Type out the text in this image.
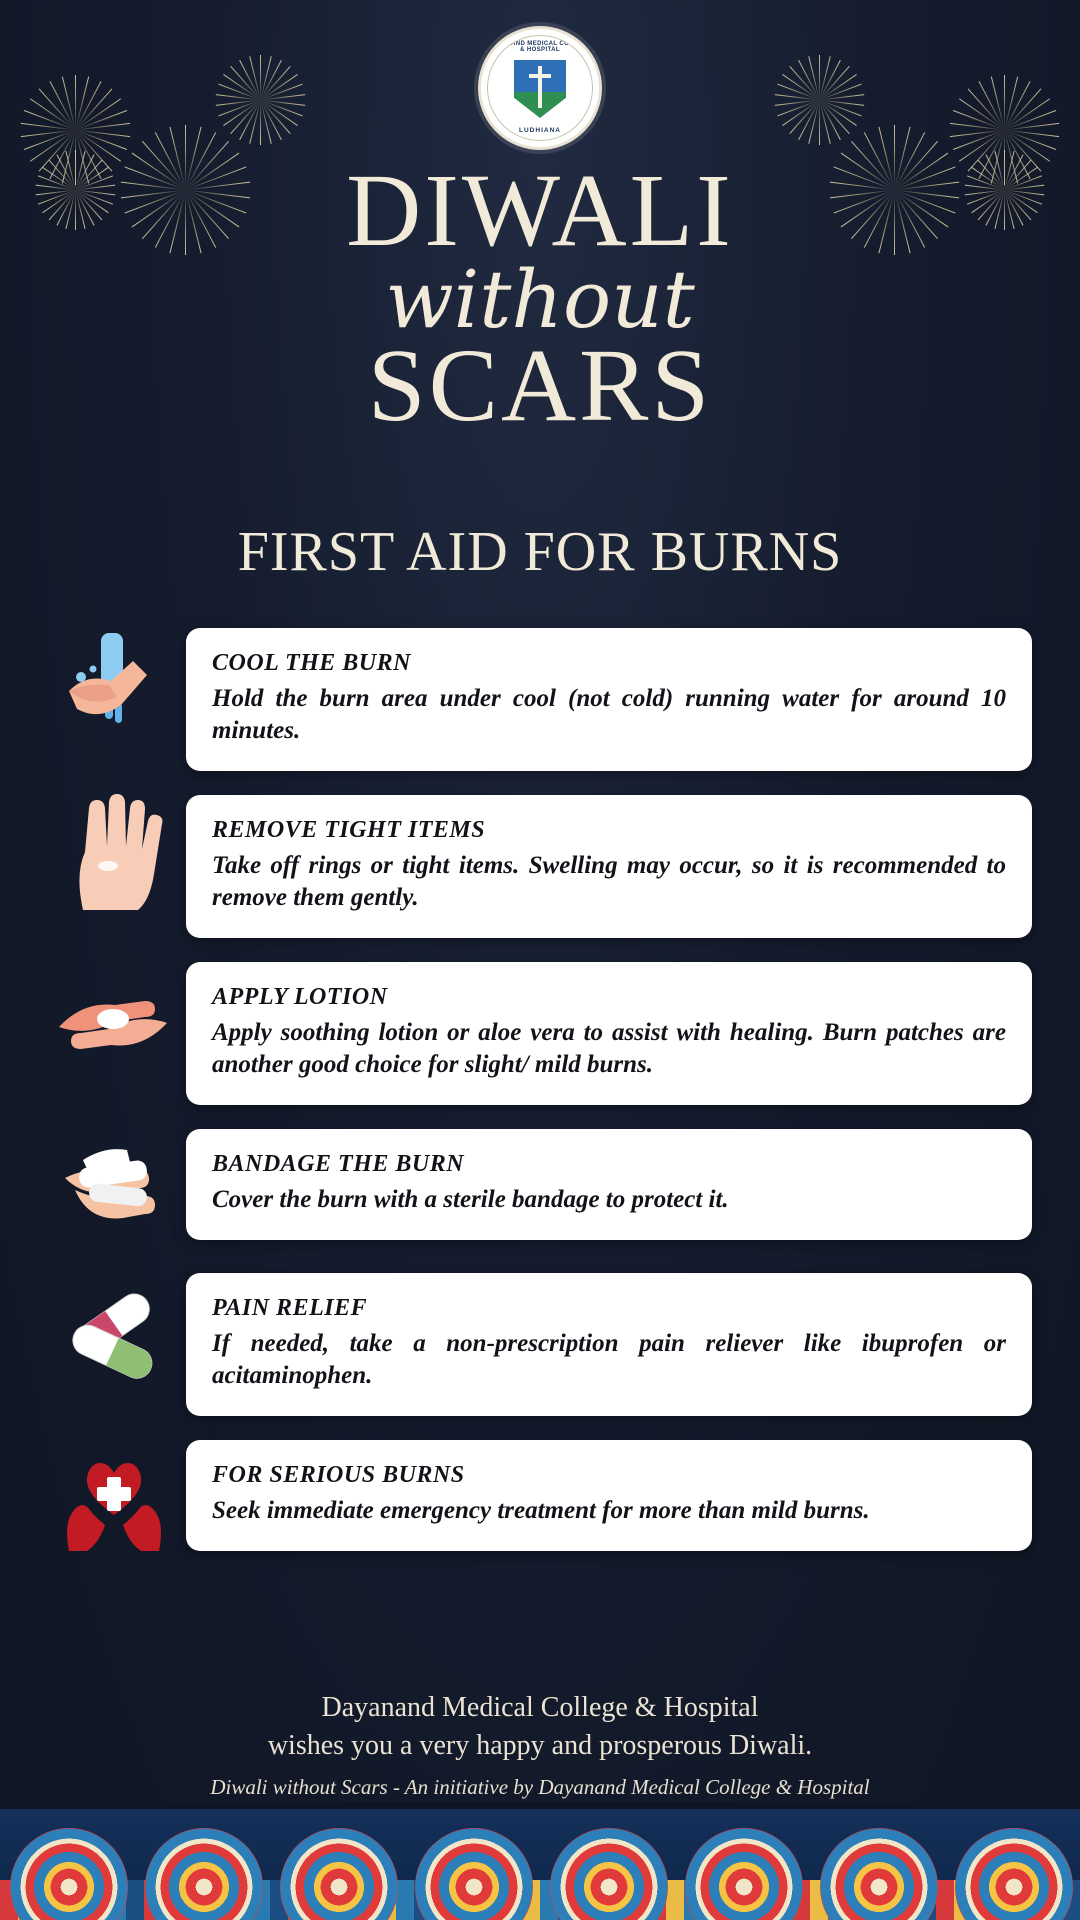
DAYANAND MEDICAL COLLEGE & HOSPITAL
LUDHIANA
DIWALI
without
SCARS
FIRST AID FOR BURNS
COOL THE BURN
Hold the burn area under cool (not cold) running water for around 10 minutes.
REMOVE TIGHT ITEMS
Take off rings or tight items. Swelling may occur, so it is recommended to remove them gently.
APPLY LOTION
Apply soothing lotion or aloe vera to assist with healing. Burn patches are another good choice for slight/ mild burns.
BANDAGE THE BURN
Cover the burn with a sterile bandage to protect it.
PAIN RELIEF
If needed, take a non-prescription pain reliever like ibuprofen or acitaminophen.
FOR SERIOUS BURNS
Seek immediate emergency treatment for more than mild burns.
Dayanand Medical College & Hospital
wishes you a very happy and prosperous Diwali.
Diwali without Scars - An initiative by Dayanand Medical College & Hospital
